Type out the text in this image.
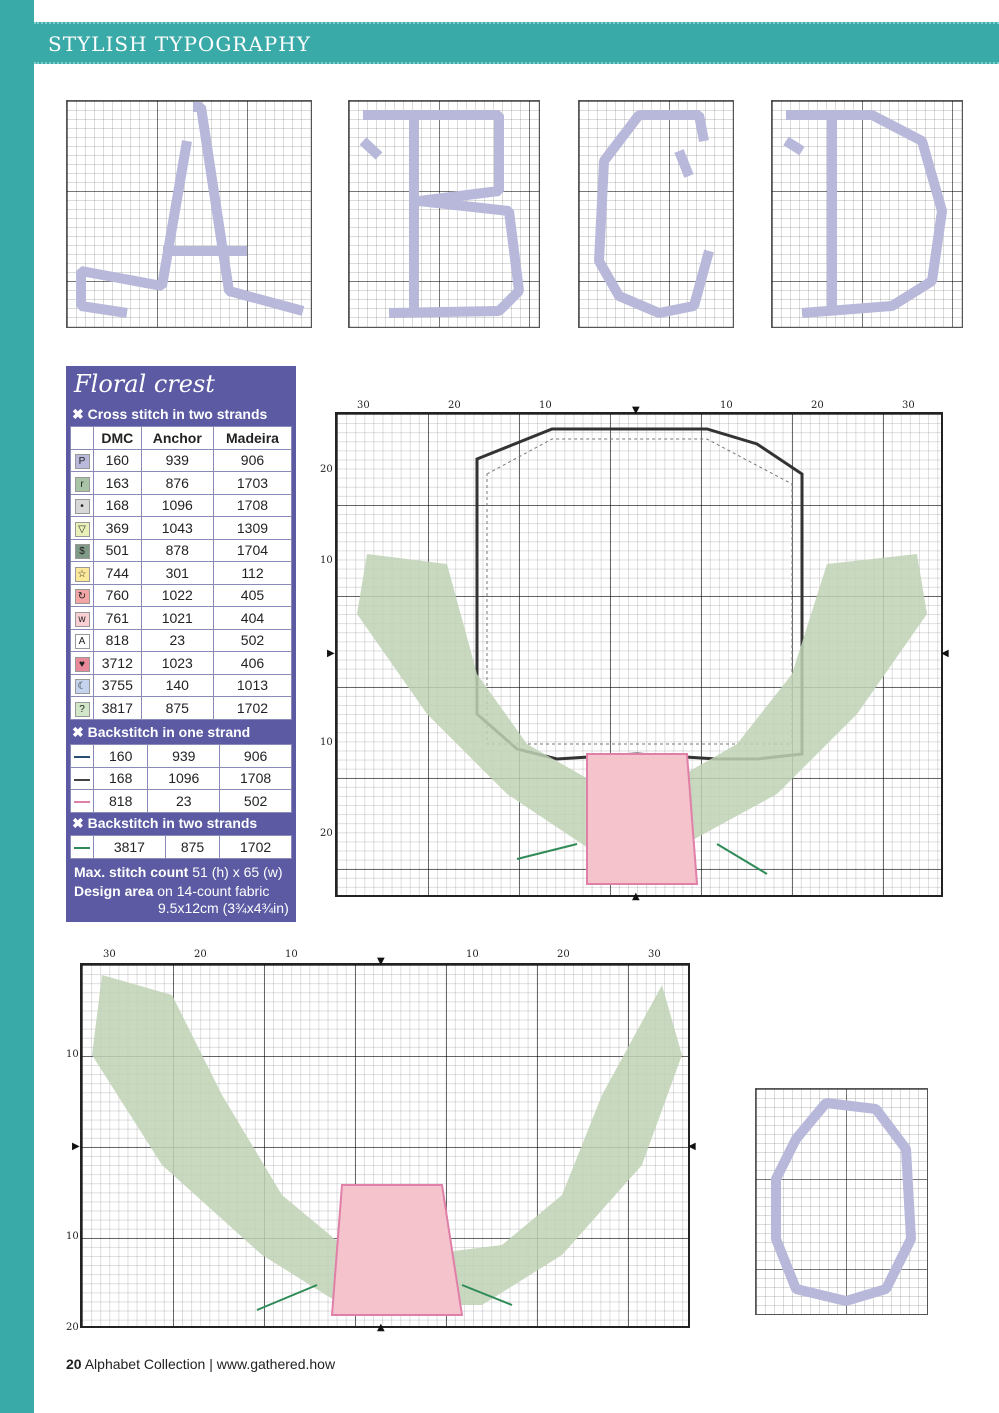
STYLISH TYPOGRAPHY
Floral crest
✖ Cross stitch in two strands
	DMC	Anchor	Madeira
P	160	939	906
r	163	876	1703
•	168	1096	1708
▽	369	1043	1309
$	501	878	1704
☆	744	301	112
↻	760	1022	405
w	761	1021	404
A	818	23	502
♥	3712	1023	406
☾	3755	140	1013
?	3817	875	1702
✖ Backstitch in one strand
	160	939	906
	168	1096	1708
	818	23	502
✖ Backstitch in two strands
	3817	875	1702
Max. stitch count 51 (h) x 65 (w)
Design area on 14-count fabric
9.5x12cm (3¾x4¾in)
30	20	10	10	20	30
20
10
10
20
▼
▲
▶	◀
30	20	10	10	20	30
10
10
20
▼
▲
▶	◀
20 Alphabet Collection | www.gathered.how
